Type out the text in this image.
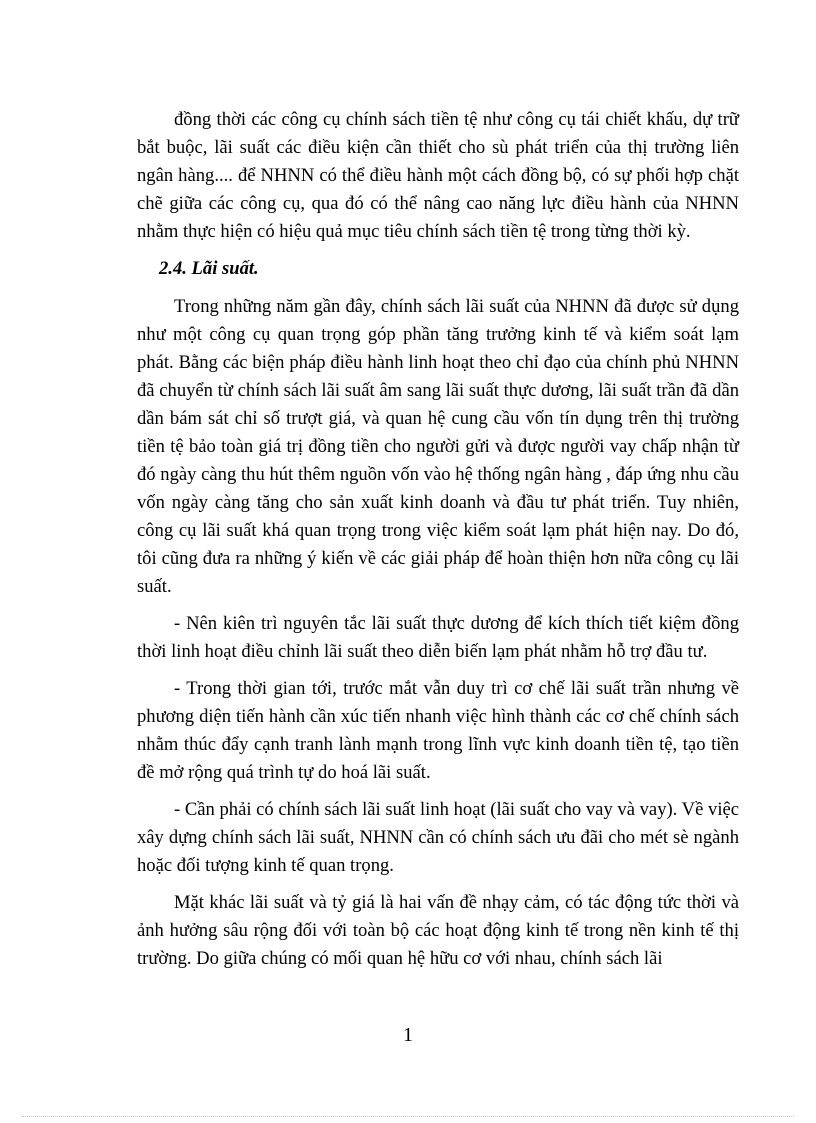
đồng thời các công cụ chính sách tiền tệ như công cụ tái chiết khấu, dự trữ bắt buộc, lãi suất các điều kiện cần thiết cho sù phát triển của thị trường liên ngân hàng.... để NHNN có thể điều hành một cách đồng bộ, có sự phối hợp chặt chẽ giữa các công cụ, qua đó có thể nâng cao năng lực điều hành của NHNN nhằm thực hiện có hiệu quả mục tiêu chính sách tiền tệ trong từng thời kỳ.

2.4. Lãi suất.

Trong những năm gần đây, chính sách lãi suất của NHNN đã được sử dụng như một công cụ quan trọng góp phần tăng trưởng kinh tế và kiểm soát lạm phát. Bằng các biện pháp điều hành linh hoạt theo chỉ đạo của chính phủ NHNN đã chuyển từ chính sách lãi suất âm sang lãi suất thực dương, lãi suất trần đã dần dần bám sát chỉ số trượt giá, và quan hệ cung cầu vốn tín dụng trên thị trường tiền tệ bảo toàn giá trị đồng tiền cho người gửi và được người vay chấp nhận từ đó ngày càng thu hút thêm nguồn vốn vào hệ thống ngân hàng , đáp ứng nhu cầu vốn ngày càng tăng cho sản xuất kinh doanh và đầu tư phát triển. Tuy nhiên, công cụ lãi suất khá quan trọng trong việc kiểm soát lạm phát hiện nay. Do đó, tôi cũng đưa ra những ý kiến về các giải pháp để hoàn thiện hơn nữa công cụ lãi suất.

- Nên kiên trì nguyên tắc lãi suất thực dương để kích thích tiết kiệm đồng thời linh hoạt điều chỉnh lãi suất theo diễn biến lạm phát nhằm hỗ trợ đầu tư.

- Trong thời gian tới, trước mắt vẫn duy trì cơ chế lãi suất trần nhưng về phương diện tiến hành cần xúc tiến nhanh việc hình thành các cơ chế chính sách nhằm thúc đẩy cạnh tranh lành mạnh trong lĩnh vực kinh doanh tiền tệ, tạo tiền đề mở rộng quá trình tự do hoá lãi suất.

- Cần phải có chính sách lãi suất linh hoạt (lãi suất cho vay và vay). Về việc xây dựng chính sách lãi suất, NHNN cần có chính sách ưu đãi cho mét sè ngành hoặc đối tượng kinh tế quan trọng.

Mặt khác lãi suất và tỷ giá là hai vấn đề nhạy cảm, có tác động tức thời và ảnh hưởng sâu rộng đối với toàn bộ các hoạt động kinh tế trong nền kinh tế thị trường. Do giữa chúng có mối quan hệ hữu cơ với nhau, chính sách lãi

1
